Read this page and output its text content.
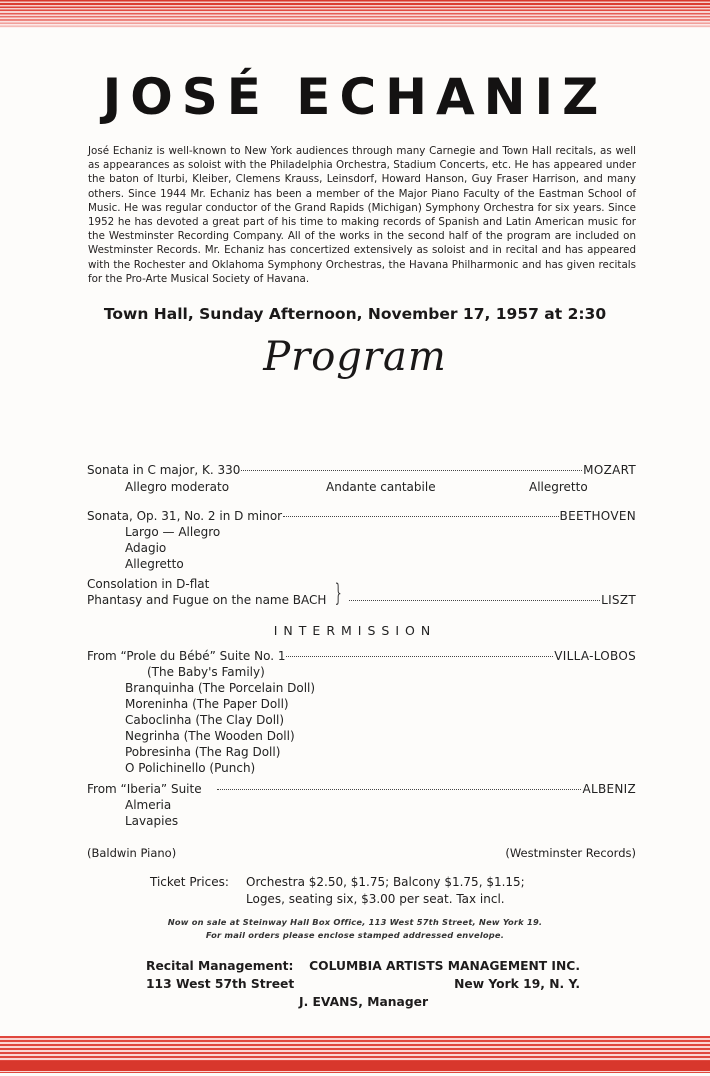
JOSÉ ECHANIZ
José Echaniz is well-known to New York audiences through many Carnegie and Town Hall recitals, as well as appearances as soloist with the Philadelphia Orchestra, Stadium Concerts, etc. He has appeared under the baton of Iturbi, Kleiber, Clemens Krauss, Leinsdorf, Howard Hanson, Guy Fraser Harrison, and many others. Since 1944 Mr. Echaniz has been a member of the Major Piano Faculty of the Eastman School of Music. He was regular conductor of the Grand Rapids (Michigan) Symphony Orchestra for six years. Since 1952 he has devoted a great part of his time to making records of Spanish and Latin American music for the Westminster Recording Company. All of the works in the second half of the program are included on Westminster Records. Mr. Echaniz has concertized extensively as soloist and in recital and has appeared with the Rochester and Oklahoma Symphony Orchestras, the Havana Philharmonic and has given recitals for the Pro-Arte Musical Society of Havana.
Town Hall, Sunday Afternoon, November 17, 1957 at 2:30
Program
Sonata in C major, K. 330	MOZART
Allegro moderato	Andante cantabile	Allegretto
Sonata, Op. 31, No. 2 in D minor	BEETHOVEN
Largo — Allegro
Adagio
Allegretto
Consolation in D-flat
Phantasy and Fugue on the name BACH }	LISZT
INTERMISSION
From “Prole du Bébé” Suite No. 1	VILLA-LOBOS
(The Baby's Family)
Branquinha (The Porcelain Doll)
Moreninha (The Paper Doll)
Caboclinha (The Clay Doll)
Negrinha (The Wooden Doll)
Pobresinha (The Rag Doll)
O Polichinello (Punch)
From “Iberia” Suite	ALBENIZ
Almeria
Lavapies
(Baldwin Piano)	(Westminster Records)
Ticket Prices: Orchestra $2.50, $1.75; Balcony $1.75, $1.15;
Loges, seating six, $3.00 per seat. Tax incl.
Now on sale at Steinway Hall Box Office, 113 West 57th Street, New York 19.
For mail orders please enclose stamped addressed envelope.
Recital Management: COLUMBIA ARTISTS MANAGEMENT INC.
113 West 57th Street	New York 19, N. Y.
J. EVANS, Manager
